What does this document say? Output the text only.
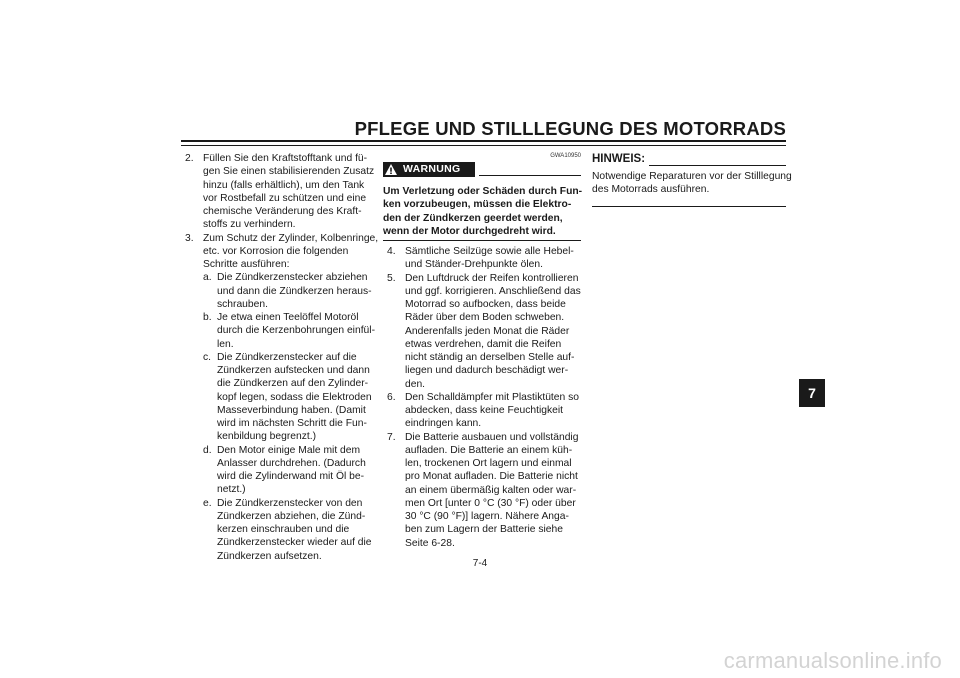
PFLEGE UND STILLLEGUNG DES MOTORRADS
2. Füllen Sie den Kraftstofftank und fü-
gen Sie einen stabilisierenden Zusatz
hinzu (falls erhältlich), um den Tank
vor Rostbefall zu schützen und eine
chemische Veränderung des Kraft-
stoffs zu verhindern.
3. Zum Schutz der Zylinder, Kolbenringe,
etc. vor Korrosion die folgenden
Schritte ausführen:
a. Die Zündkerzenstecker abziehen
und dann die Zündkerzen heraus-
schrauben.
b. Je etwa einen Teelöffel Motoröl
durch die Kerzenbohrungen einfül-
len.
c. Die Zündkerzenstecker auf die
Zündkerzen aufstecken und dann
die Zündkerzen auf den Zylinder-
kopf legen, sodass die Elektroden
Masseverbindung haben. (Damit
wird im nächsten Schritt die Fun-
kenbildung begrenzt.)
d. Den Motor einige Male mit dem
Anlasser durchdrehen. (Dadurch
wird die Zylinderwand mit Öl be-
netzt.)
e. Die Zündkerzenstecker von den
Zündkerzen abziehen, die Zünd-
kerzen einschrauben und die
Zündkerzenstecker wieder auf die
Zündkerzen aufsetzen.
GWA10950
WARNUNG
Um Verletzung oder Schäden durch Fun-
ken vorzubeugen, müssen die Elektro-
den der Zündkerzen geerdet werden,
wenn der Motor durchgedreht wird.
4. Sämtliche Seilzüge sowie alle Hebel-
und Ständer-Drehpunkte ölen.
5. Den Luftdruck der Reifen kontrollieren
und ggf. korrigieren. Anschließend das
Motorrad so aufbocken, dass beide
Räder über dem Boden schweben.
Anderenfalls jeden Monat die Räder
etwas verdrehen, damit die Reifen
nicht ständig an derselben Stelle auf-
liegen und dadurch beschädigt wer-
den.
6. Den Schalldämpfer mit Plastiktüten so
abdecken, dass keine Feuchtigkeit
eindringen kann.
7. Die Batterie ausbauen und vollständig
aufladen. Die Batterie an einem küh-
len, trockenen Ort lagern und einmal
pro Monat aufladen. Die Batterie nicht
an einem übermäßig kalten oder war-
men Ort [unter 0 °C (30 °F) oder über
30 °C (90 °F)] lagern. Nähere Anga-
ben zum Lagern der Batterie siehe
Seite 6-28.
HINWEIS:
Notwendige Reparaturen vor der Stilllegung
des Motorrads ausführen.
7
7-4
carmanualsonline.info
